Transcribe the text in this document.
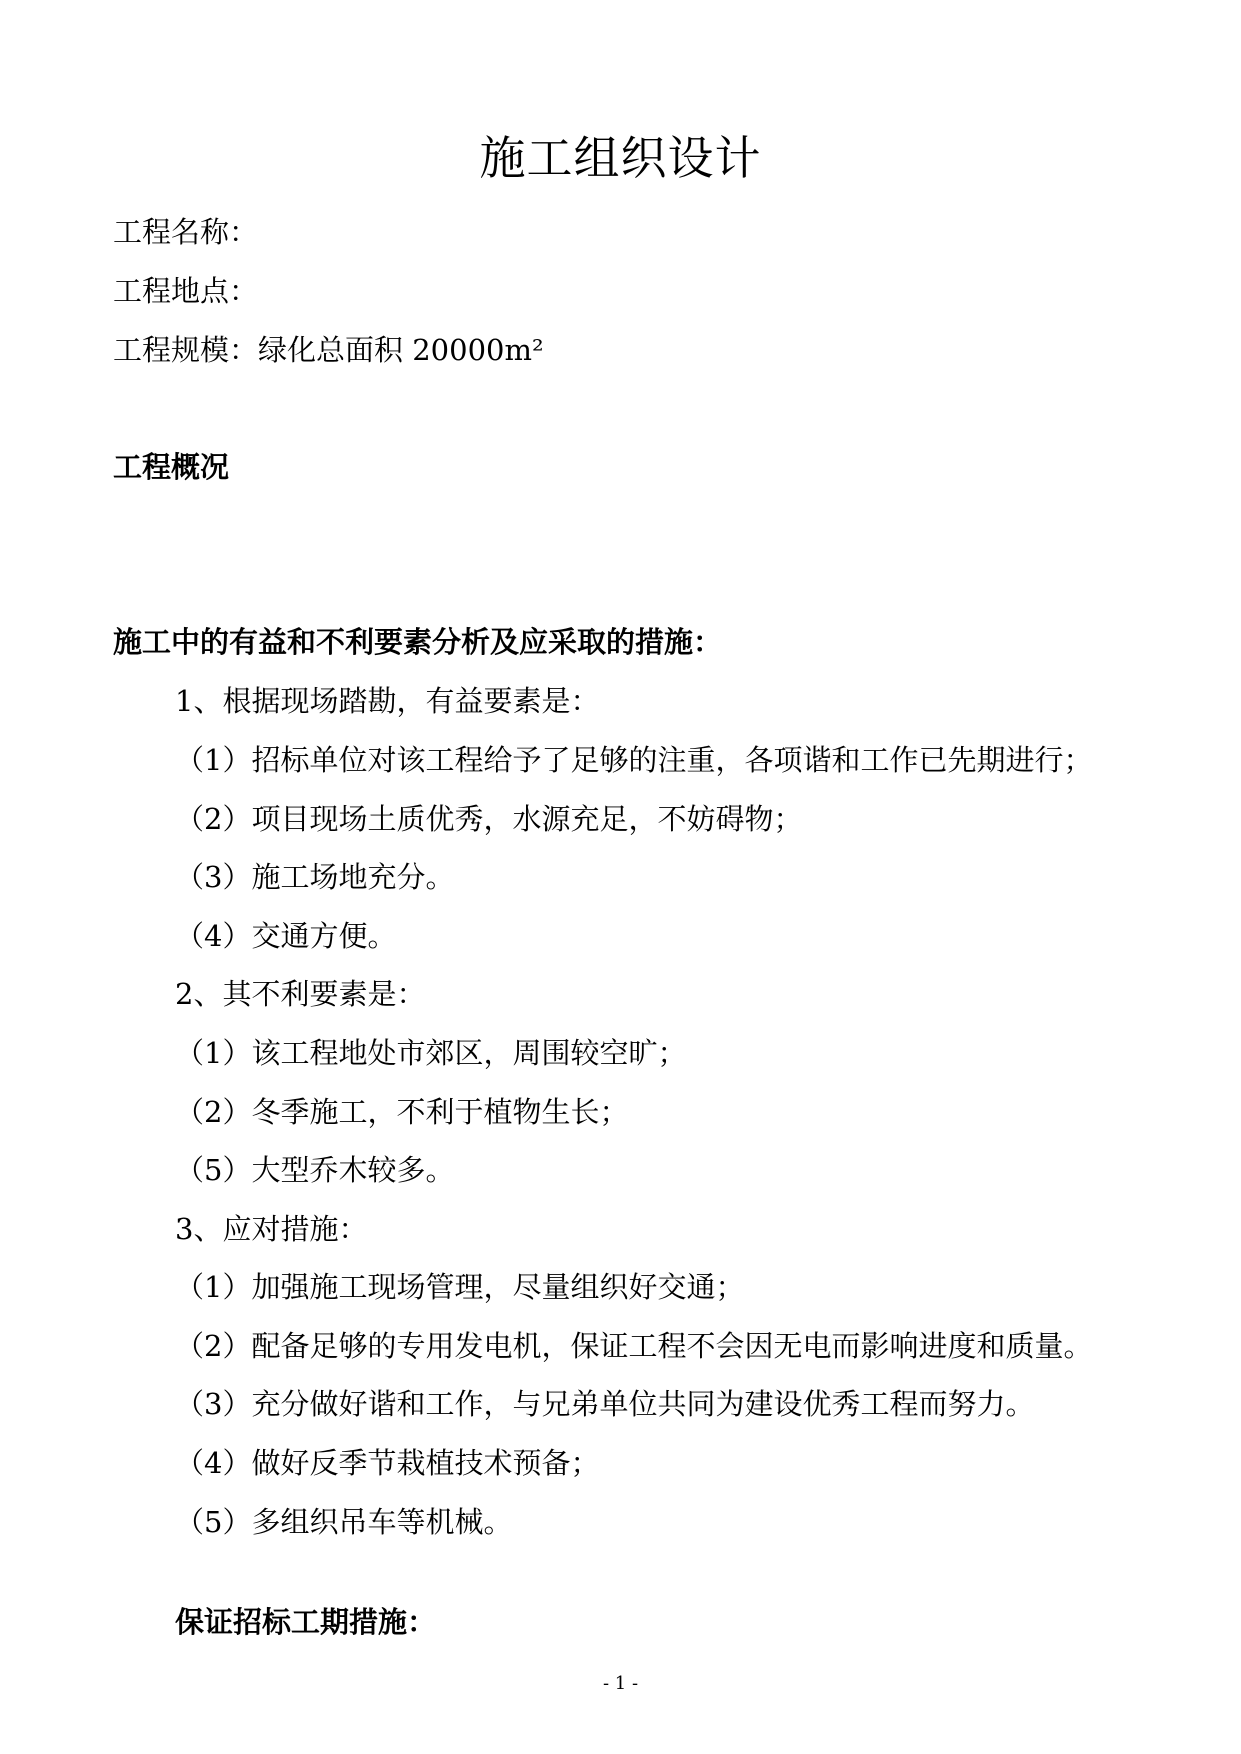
施工组织设计
工程名称：
工程地点：
工程规模：绿化总面积 20000m²
工程概况
施工中的有益和不利要素分析及应采取的措施：
1、根据现场踏勘，有益要素是：
（1）招标单位对该工程给予了足够的注重，各项谐和工作已先期进行；
（2）项目现场土质优秀，水源充足，不妨碍物；
（3）施工场地充分。
（4）交通方便。
2、其不利要素是：
（1）该工程地处市郊区，周围较空旷；
（2）冬季施工，不利于植物生长；
（5）大型乔木较多。
3、应对措施：
（1）加强施工现场管理，尽量组织好交通；
（2）配备足够的专用发电机，保证工程不会因无电而影响进度和质量。
（3）充分做好谐和工作，与兄弟单位共同为建设优秀工程而努力。
（4）做好反季节栽植技术预备；
（5）多组织吊车等机械。
保证招标工期措施：
- 1 -
